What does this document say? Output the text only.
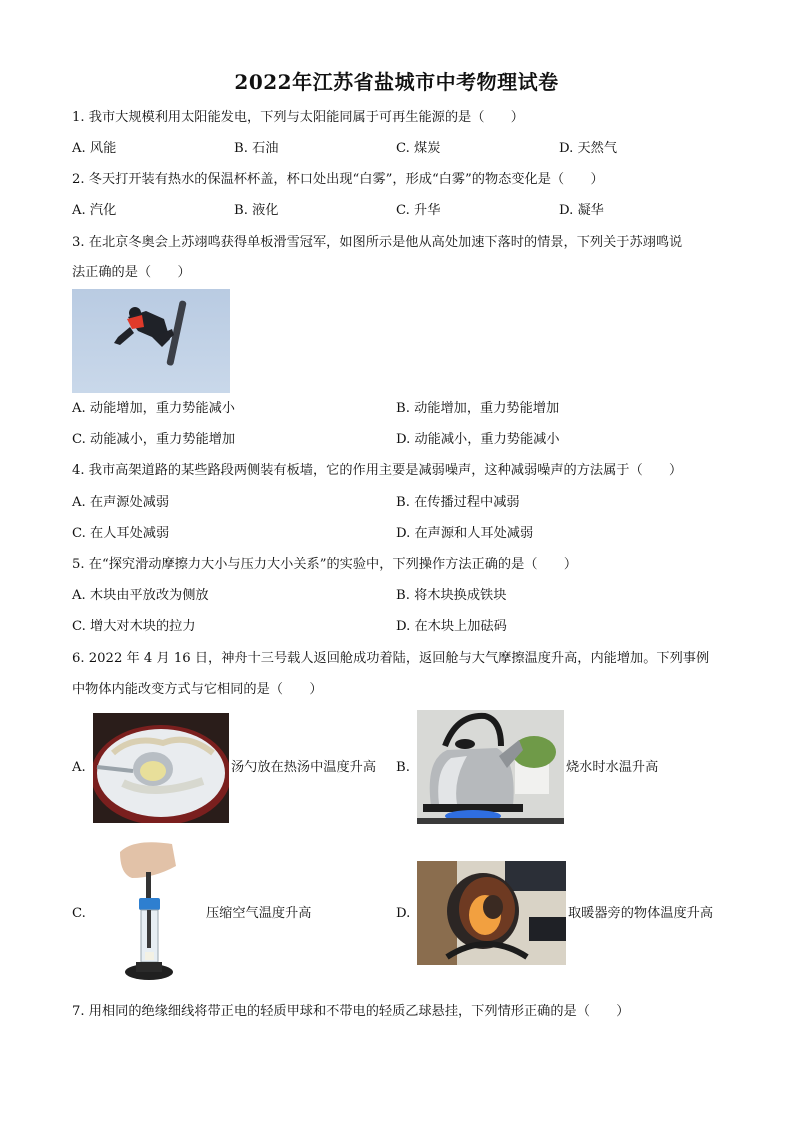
2022年江苏省盐城市中考物理试卷
1. 我市大规模利用太阳能发电，下列与太阳能同属于可再生能源的是（　　）
A. 风能	B. 石油	C. 煤炭	D. 天然气
2. 冬天打开装有热水的保温杯杯盖，杯口处出现“白雾”，形成“白雾”的物态变化是（　　）
A. 汽化	B. 液化	C. 升华	D. 凝华
3. 在北京冬奥会上苏翊鸣获得单板滑雪冠军，如图所示是他从高处加速下落时的情景，下列关于苏翊鸣说
法正确的是（　　）
A. 动能增加，重力势能减小	B. 动能增加，重力势能增加
C. 动能减小，重力势能增加	D. 动能减小，重力势能减小
4. 我市高架道路的某些路段两侧装有板墙，它的作用主要是减弱噪声，这种减弱噪声的方法属于（　　）
A. 在声源处减弱	B. 在传播过程中减弱
C. 在人耳处减弱	D. 在声源和人耳处减弱
5. 在“探究滑动摩擦力大小与压力大小关系”的实验中，下列操作方法正确的是（　　）
A. 木块由平放改为侧放	B. 将木块换成铁块
C. 增大对木块的拉力	D. 在木块上加砝码
6. 2022 年 4 月 16 日，神舟十三号载人返回舱成功着陆，返回舱与大气摩擦温度升高，内能增加。下列事例
中物体内能改变方式与它相同的是（　　）
A.	汤勺放在热汤中温度升高 B.	烧水时水温升高
C.	压缩空气温度升高	D.	取暖器旁的物体温度升高
7. 用相同的绝缘细线将带正电的轻质甲球和不带电的轻质乙球悬挂，下列情形正确的是（　　）
